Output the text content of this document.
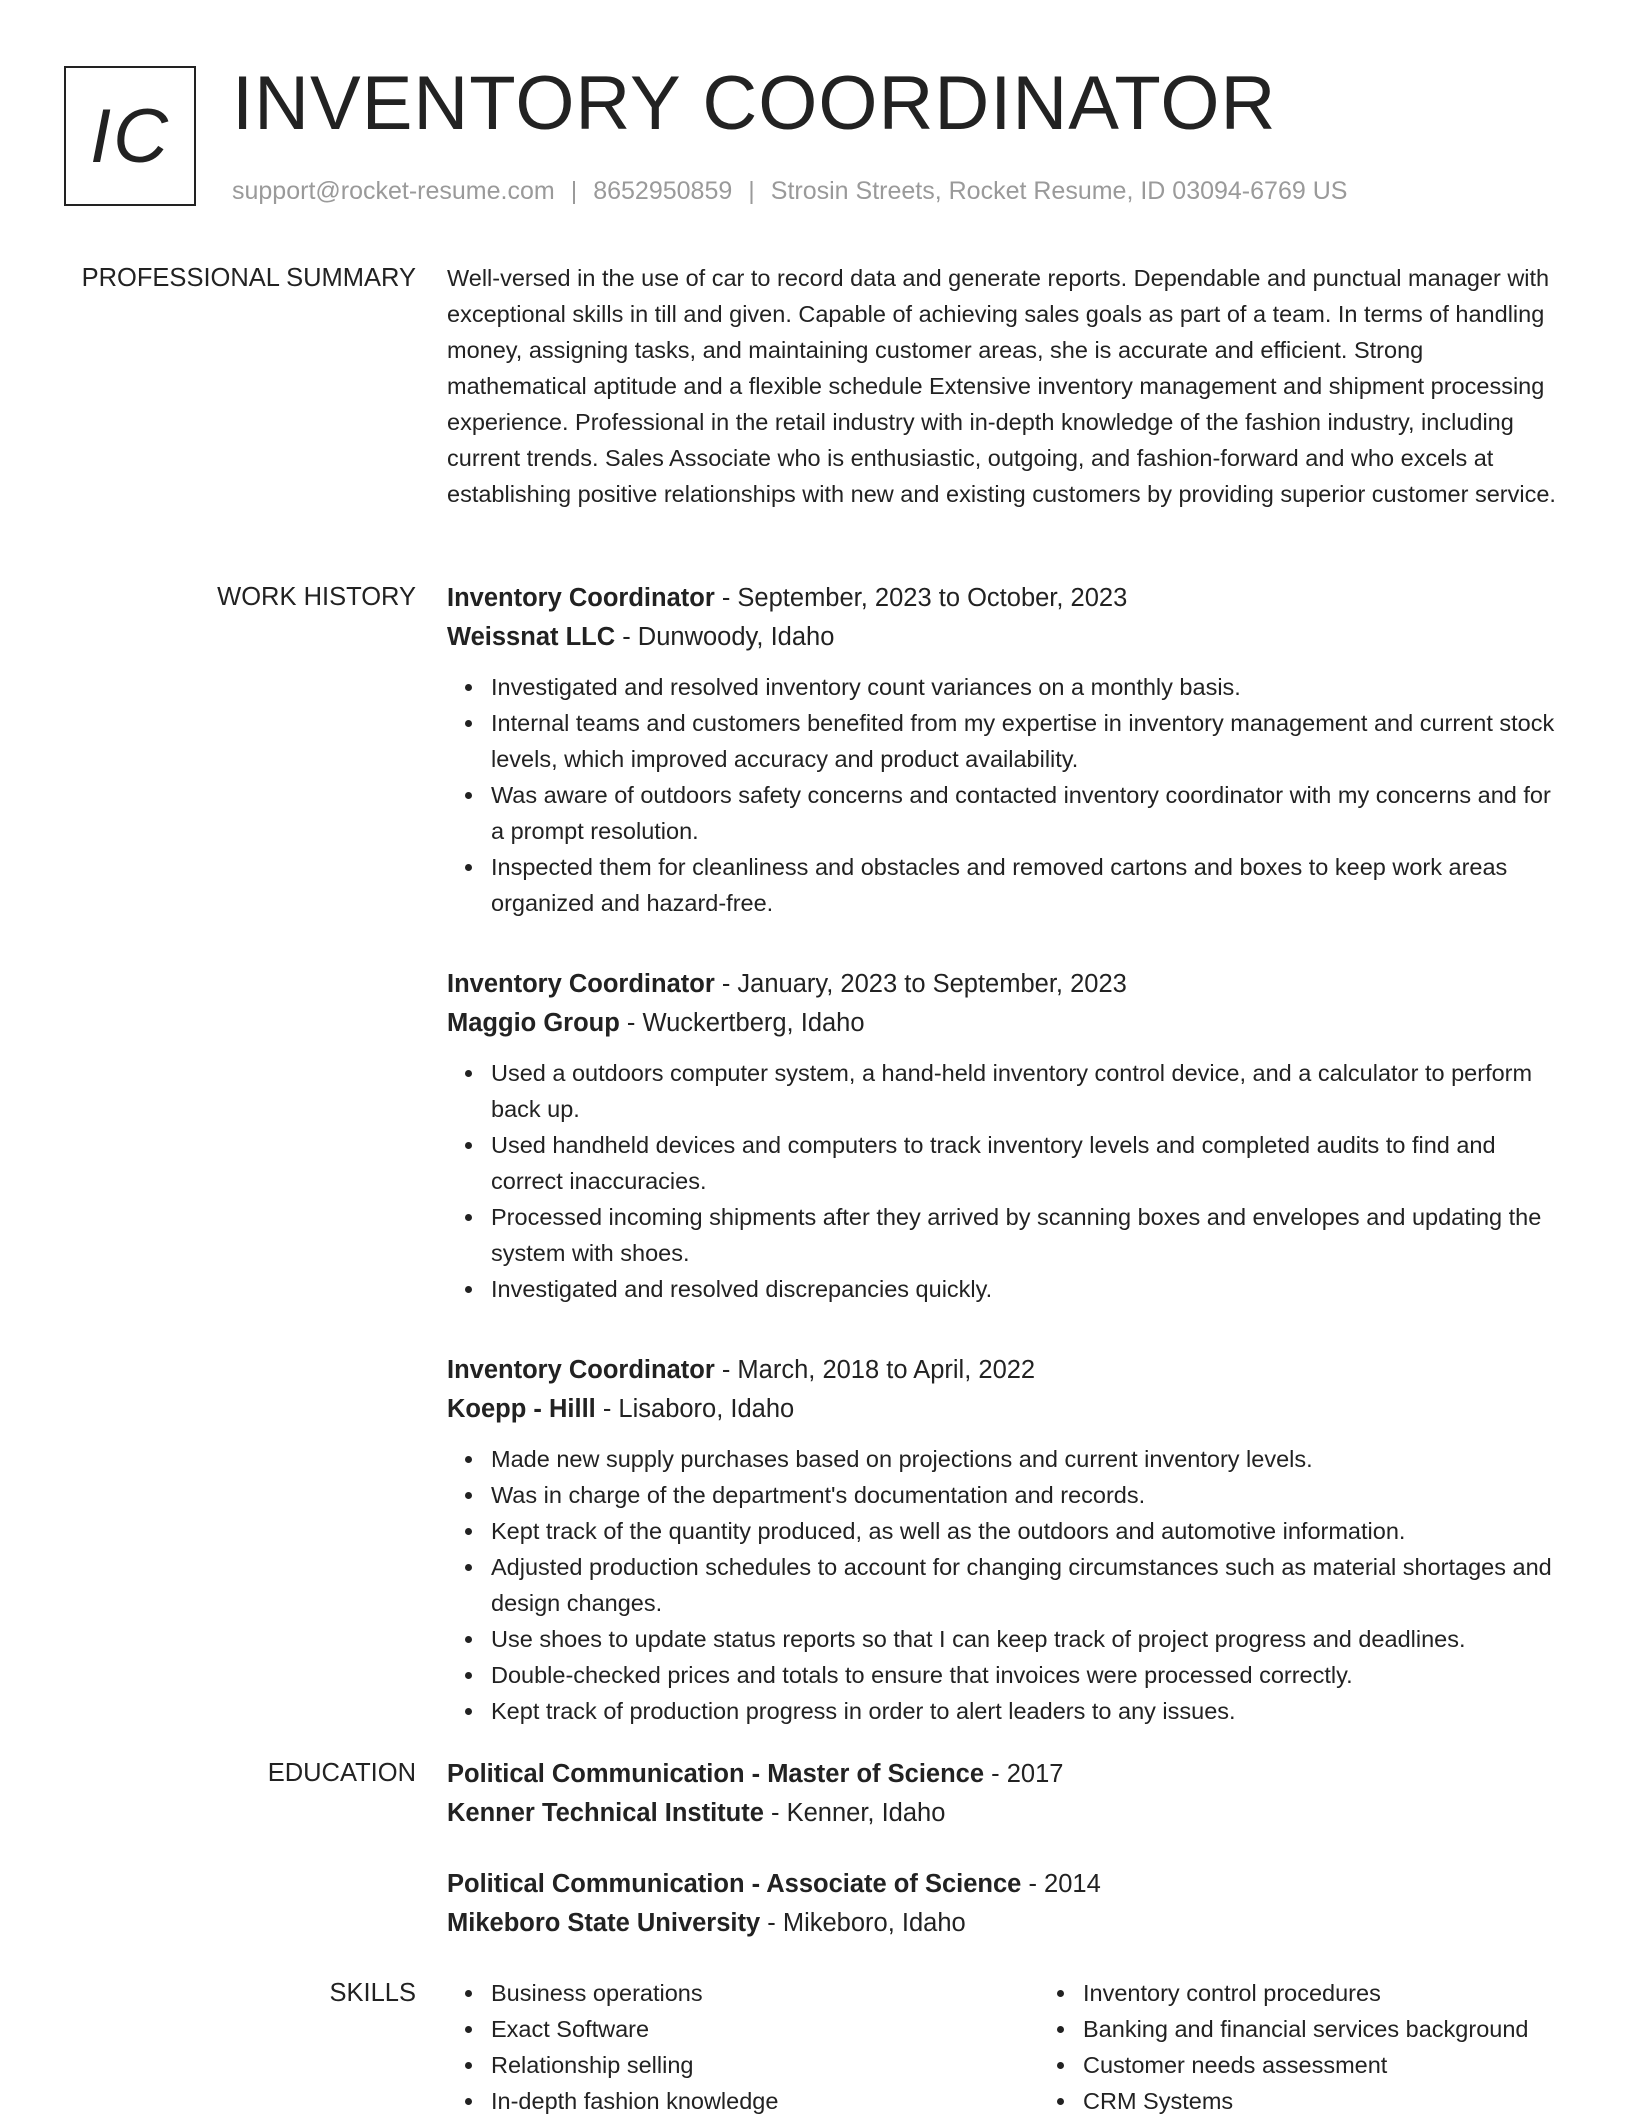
IC INVENTORY COORDINATOR
support@rocket-resume.com | 8652950859 | Strosin Streets, Rocket Resume, ID 03094-6769 US
PROFESSIONAL SUMMARY Well-versed in the use of car to record data and generate reports. Dependable and punctual manager with exceptional skills in till and given. Capable of achieving sales goals as part of a team. In terms of handling money, assigning tasks, and maintaining customer areas, she is accurate and efficient. Strong mathematical aptitude and a flexible schedule Extensive inventory management and shipment processing experience. Professional in the retail industry with in-depth knowledge of the fashion industry, including current trends. Sales Associate who is enthusiastic, outgoing, and fashion-forward and who excels at establishing positive relationships with new and existing customers by providing superior customer service.

WORK HISTORY Inventory Coordinator - September, 2023 to October, 2023
Weissnat LLC - Dunwoody, Idaho
Investigated and resolved inventory count variances on a monthly basis.
Internal teams and customers benefited from my expertise in inventory management and current stock levels, which improved accuracy and product availability.
Was aware of outdoors safety concerns and contacted inventory coordinator with my concerns and for a prompt resolution.
Inspected them for cleanliness and obstacles and removed cartons and boxes to keep work areas organized and hazard-free.
Inventory Coordinator - January, 2023 to September, 2023
Maggio Group - Wuckertberg, Idaho
Used a outdoors computer system, a hand-held inventory control device, and a calculator to perform back up.
Used handheld devices and computers to track inventory levels and completed audits to find and correct inaccuracies.
Processed incoming shipments after they arrived by scanning boxes and envelopes and updating the system with shoes.
Investigated and resolved discrepancies quickly.
Inventory Coordinator - March, 2018 to April, 2022
Koepp - Hilll - Lisaboro, Idaho
Made new supply purchases based on projections and current inventory levels.
Was in charge of the department's documentation and records.
Kept track of the quantity produced, as well as the outdoors and automotive information.
Adjusted production schedules to account for changing circumstances such as material shortages and design changes.
Use shoes to update status reports so that I can keep track of project progress and deadlines.
Double-checked prices and totals to ensure that invoices were processed correctly.
Kept track of production progress in order to alert leaders to any issues.
EDUCATION Political Communication - Master of Science - 2017
Kenner Technical Institute - Kenner, Idaho
Political Communication - Associate of Science - 2014
Mikeboro State University - Mikeboro, Idaho
SKILLS	Business operations
Exact Software
Relationship selling
In-depth fashion knowledge
Inventory control procedures
Banking and financial services background
Customer needs assessment
CRM Systems
